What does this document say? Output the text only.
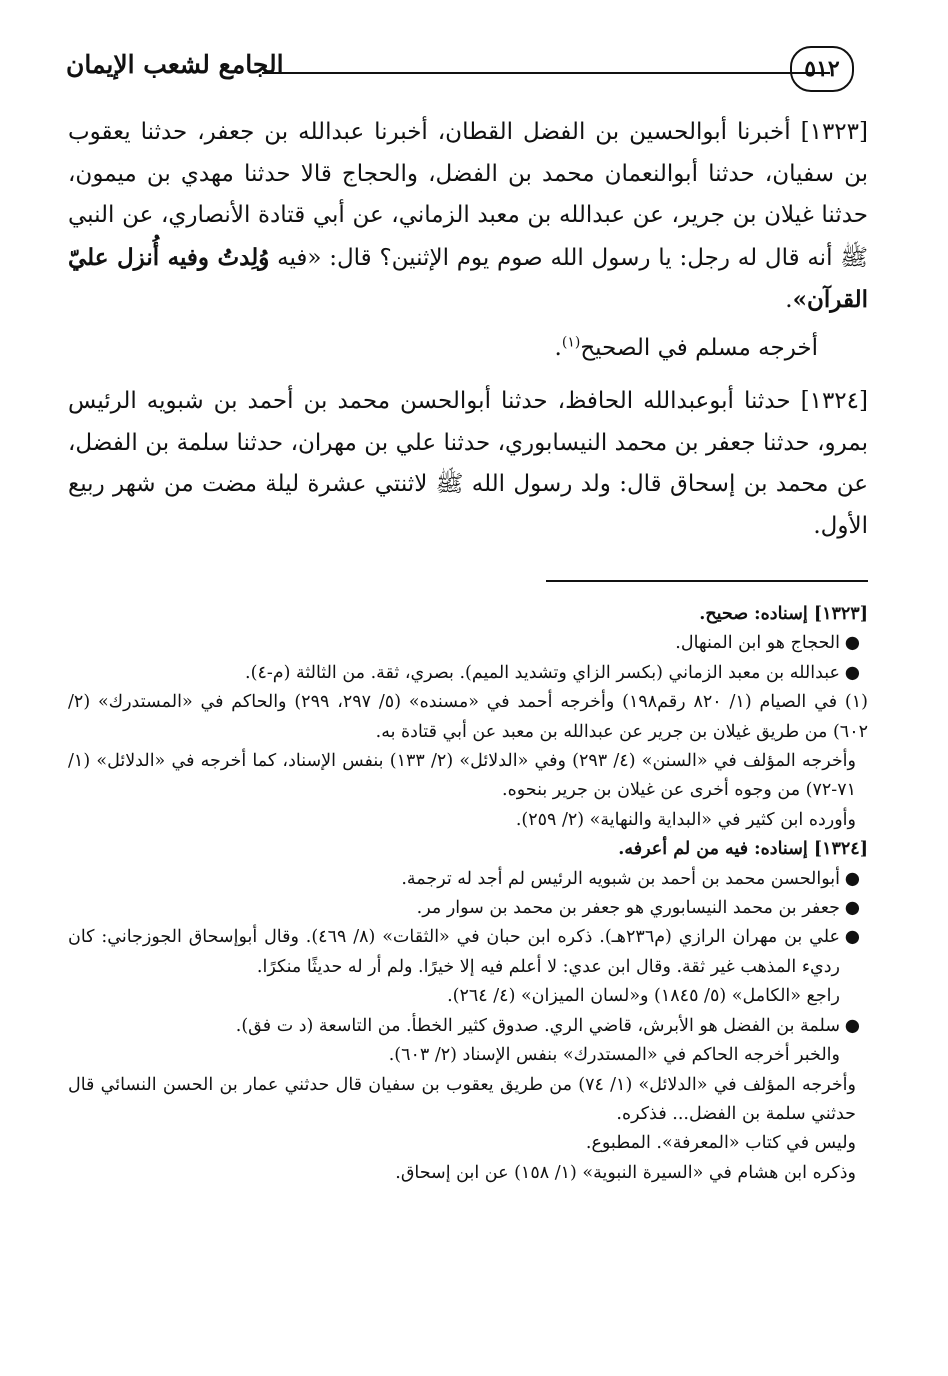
٥١٢
الجامع لشعب الإيمان

[١٣٢٣] أخبرنا أبوالحسين بن الفضل القطان، أخبرنا عبدالله بن جعفر، حدثنا يعقوب بن سفيان، حدثنا أبوالنعمان محمد بن الفضل، والحجاج قالا حدثنا مهدي بن ميمون، حدثنا غيلان بن جرير، عن عبدالله بن معبد الزماني، عن أبي قتادة الأنصاري، عن النبي ﷺ أنه قال له رجل: يا رسول الله صوم يوم الإثنين؟ قال: «فيه وُلِدتُ وفيه أُنزل عليّ القرآن».

أخرجه مسلم في الصحيح$^{(١)}$.

[١٣٢٤] حدثنا أبوعبدالله الحافظ، حدثنا أبوالحسن محمد بن أحمد بن شبويه الرئيس بمرو، حدثنا جعفر بن محمد النيسابوري، حدثنا علي بن مهران، حدثنا سلمة بن الفضل، عن محمد بن إسحاق قال: ولد رسول الله ﷺ لاثنتي عشرة ليلة مضت من شهر ربيع الأول.

[١٣٢٣] إسناده: صحيح.

●
الحجاج هو ابن المنهال.
●
عبدالله بن معبد الزماني (بكسر الزاي وتشديد الميم). بصري، ثقة. من الثالثة (م-٤).

(١) في الصيام (١/ ٨٢٠ رقم١٩٨) وأخرجه أحمد في «مسنده» (٥/ ٢٩٧، ٢٩٩) والحاكم في «المستدرك» (٢/ ٦٠٢) من طريق غيلان بن جرير عن عبدالله بن معبد عن أبي قتادة به.

وأخرجه المؤلف في «السنن» (٤/ ٢٩٣) وفي «الدلائل» (٢/ ١٣٣) بنفس الإسناد، كما أخرجه في «الدلائل» (١/ ٧١-٧٢) من وجوه أخرى عن غيلان بن جرير بنحوه.

وأورده ابن كثير في «البداية والنهاية» (٢/ ٢٥٩).

[١٣٢٤] إسناده: فيه من لم أعرفه.

●
أبوالحسن محمد بن أحمد بن شبويه الرئيس لم أجد له ترجمة.
●
جعفر بن محمد النيسابوري هو جعفر بن محمد بن سوار مر.
●
علي بن مهران الرازي (م٢٣٦هـ). ذكره ابن حبان في «الثقات» (٨/ ٤٦٩). وقال أبوإسحاق الجوزجاني: كان رديء المذهب غير ثقة. وقال ابن عدي: لا أعلم فيه إلا خيرًا. ولم أر له حديثًا منكرًا.
راجع «الكامل» (٥/ ١٨٤٥) و«لسان الميزان» (٤/ ٢٦٤).
●
سلمة بن الفضل هو الأبرش، قاضي الري. صدوق كثير الخطأ. من التاسعة (د ت فق).
والخبر أخرجه الحاكم في «المستدرك» بنفس الإسناد (٢/ ٦٠٣).

وأخرجه المؤلف في «الدلائل» (١/ ٧٤) من طريق يعقوب بن سفيان قال حدثني عمار بن الحسن النسائي قال حدثني سلمة بن الفضل... فذكره.

وليس في كتاب «المعرفة». المطبوع.

وذكره ابن هشام في «السيرة النبوية» (١/ ١٥٨) عن ابن إسحاق.
